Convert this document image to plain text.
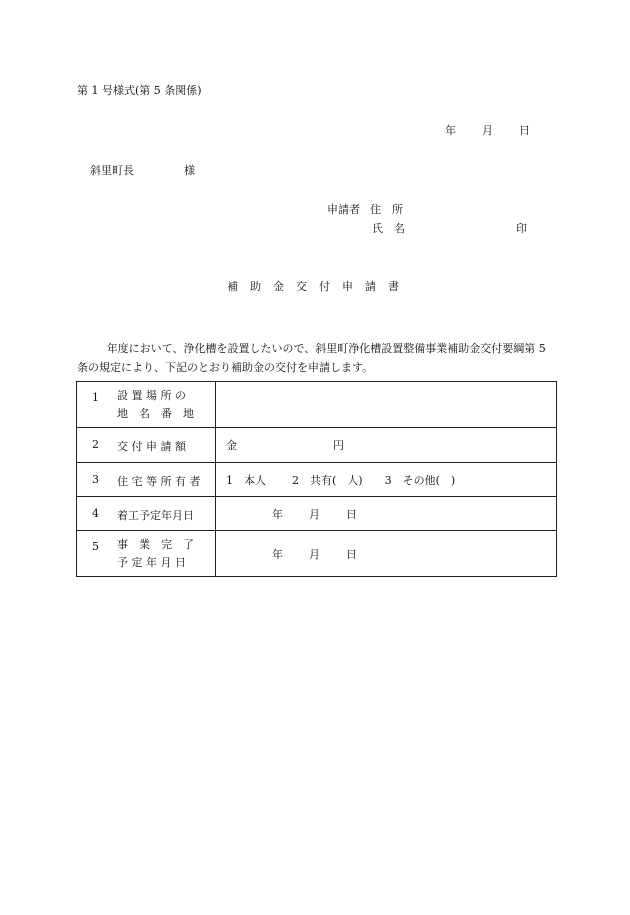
第 1 号様式(第 5 条関係)
年 月 日
斜里町長	様
申請者 住　所
氏　名	印
補　助　金　交　付　申　請　書
年度において、浄化槽を設置したいので、斜里町浄化槽設置整備事業補助金交付要綱第 5 条の規定により、下記のとおり補助金の交付を申請します。
1 設 置 場 所 の
地　名　番　地	

2 交 付 申 請 額	金 円

3 住 宅 等 所 有 者	1　本人 2　共有(　人) 3　その他(　)

4 着工予定年月日	年 月 日

5 事　業　完　了
予 定 年 月 日	年 月 日
